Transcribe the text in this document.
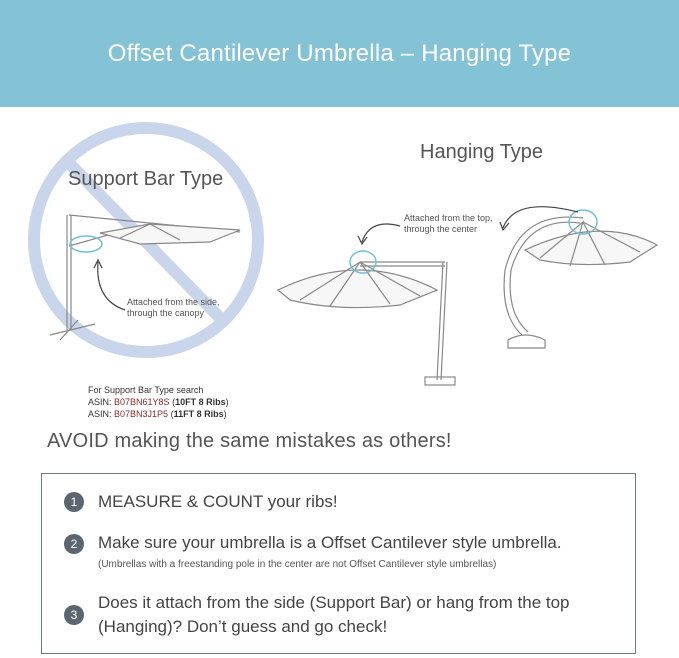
Offset Cantilever Umbrella – Hanging Type
Support Bar Type
Hanging Type
Attached from the side,
through the canopy
Attached from the top,
through the center
For Support Bar Type search
ASIN: B07BN61Y8S (10FT 8 Ribs)
ASIN: B07BN3J1P5 (11FT 8 Ribs)
AVOID making the same mistakes as others!
1	MEASURE & COUNT your ribs!
2	Make sure your umbrella is a Offset Cantilever style umbrella.
(Umbrellas with a freestanding pole in the center are not Offset Cantilever style umbrellas)
3
Does it attach from the side (Support Bar) or hang from the top (Hanging)? Don’t guess and go check!
